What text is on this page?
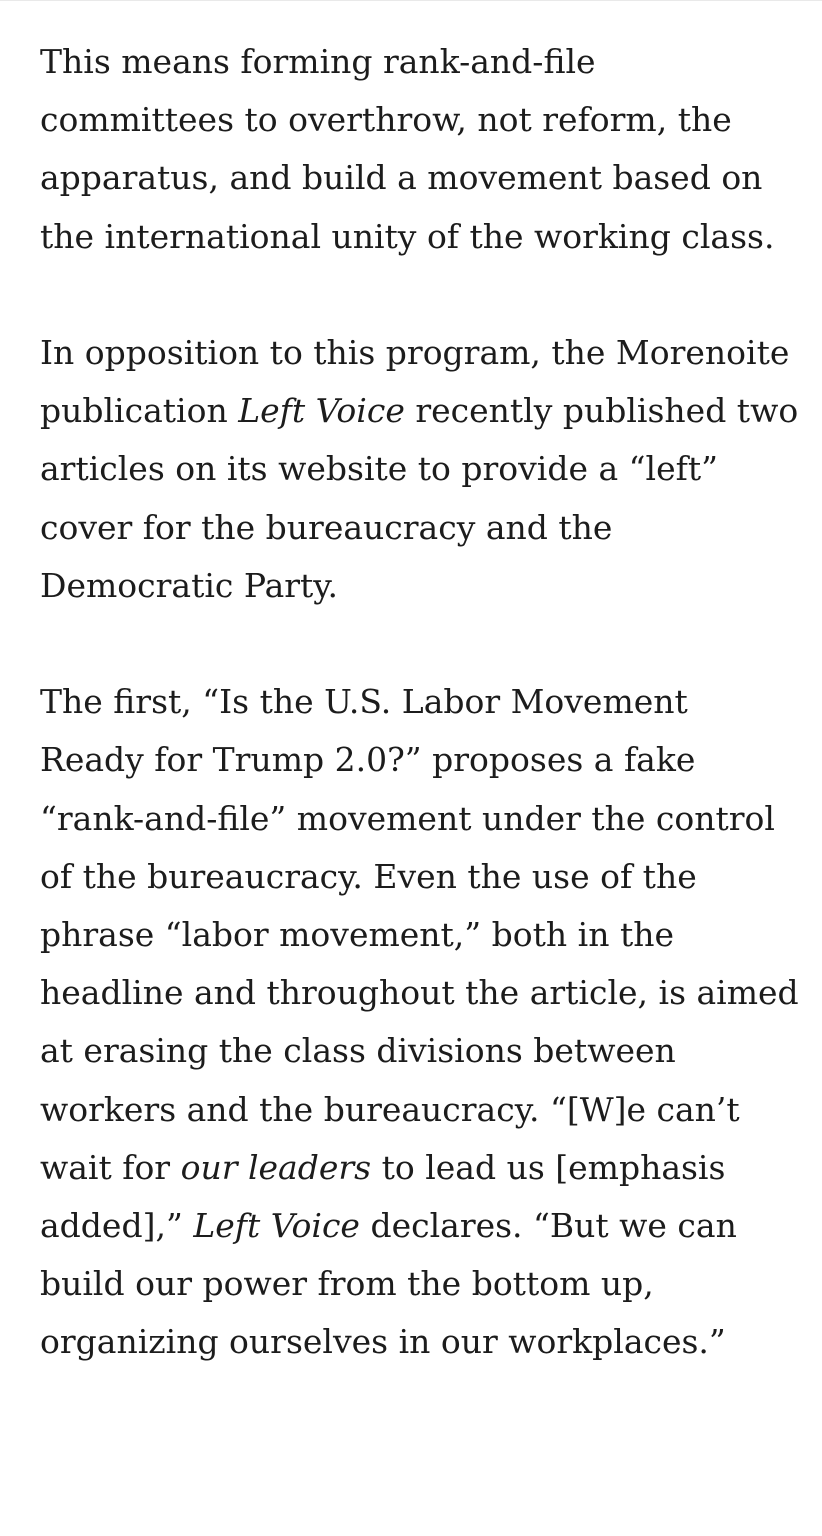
This means forming rank-and-file committees to overthrow, not reform, the apparatus, and build a movement based on the international unity of the working class.

In opposition to this program, the Morenoite publication Left Voice recently published two articles on its website to provide a “left” cover for the bureaucracy and the Democratic Party.

The first, “Is the U.S. Labor Movement Ready for Trump 2.0?” proposes a fake “rank-and-file” movement under the control of the bureaucracy. Even the use of the phrase “labor movement,” both in the headline and throughout the article, is aimed at erasing the class divisions between workers and the bureaucracy. “[W]e can’t wait for our leaders to lead us [emphasis added],” Left Voice declares. “But we can build our power from the bottom up, organizing ourselves in our workplaces.”
